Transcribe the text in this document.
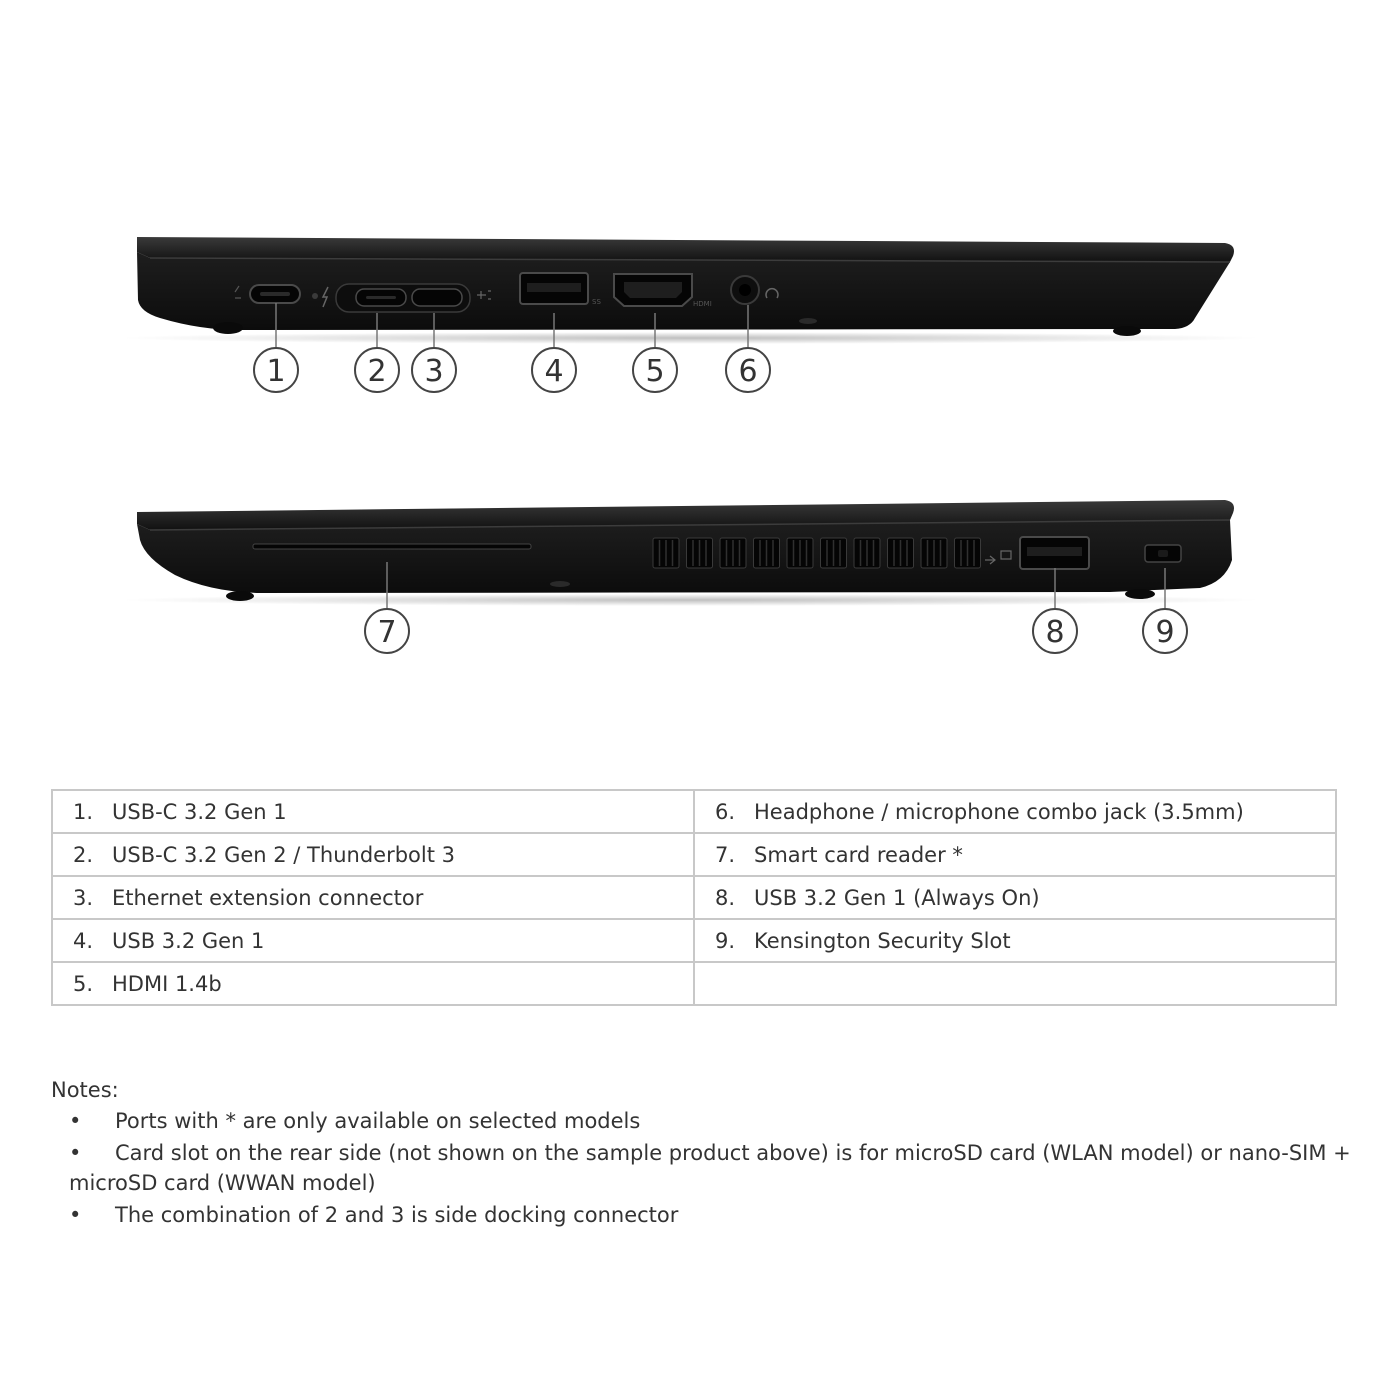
SS	HDMI
1	2 3	4	5 6
7	8	9
1. USB-C 3.2 Gen 1	6. Headphone / microphone combo jack (3.5mm)
2. USB-C 3.2 Gen 2 / Thunderbolt 3	7. Smart card reader *
3. Ethernet extension connector	8. USB 3.2 Gen 1 (Always On)
4. USB 3.2 Gen 1	9. Kensington Security Slot
5. HDMI 1.4b	
Notes:
• Ports with * are only available on selected models
• Card slot on the rear side (not shown on the sample product above) is for microSD card (WLAN model) or nano-SIM + microSD card (WWAN model)
• The combination of 2 and 3 is side docking connector
